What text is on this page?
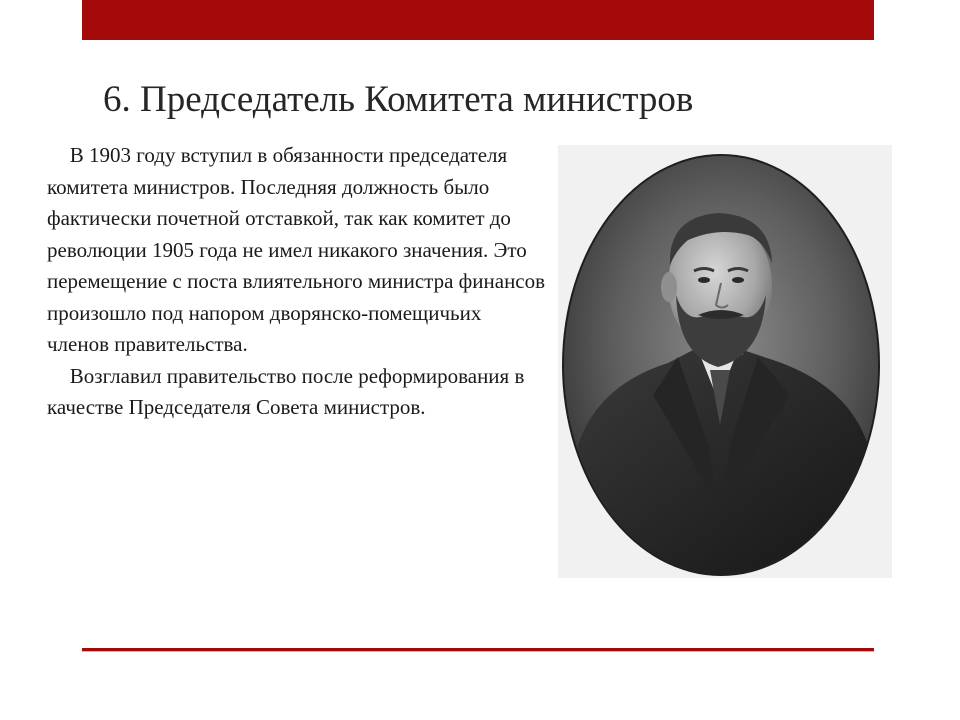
6. Председатель Комитета министров

  В 1903 году вступил в обязанности председателя комитета министров. Последняя должность было фактически почетной отставкой, так как комитет до революции 1905 года не имел никакого значения. Это перемещение с поста влиятельного министра финансов произошло под напором дворянско-помещичьих членов правительства.

  Возглавил правительство после реформирования в качестве Председателя Совета министров.
